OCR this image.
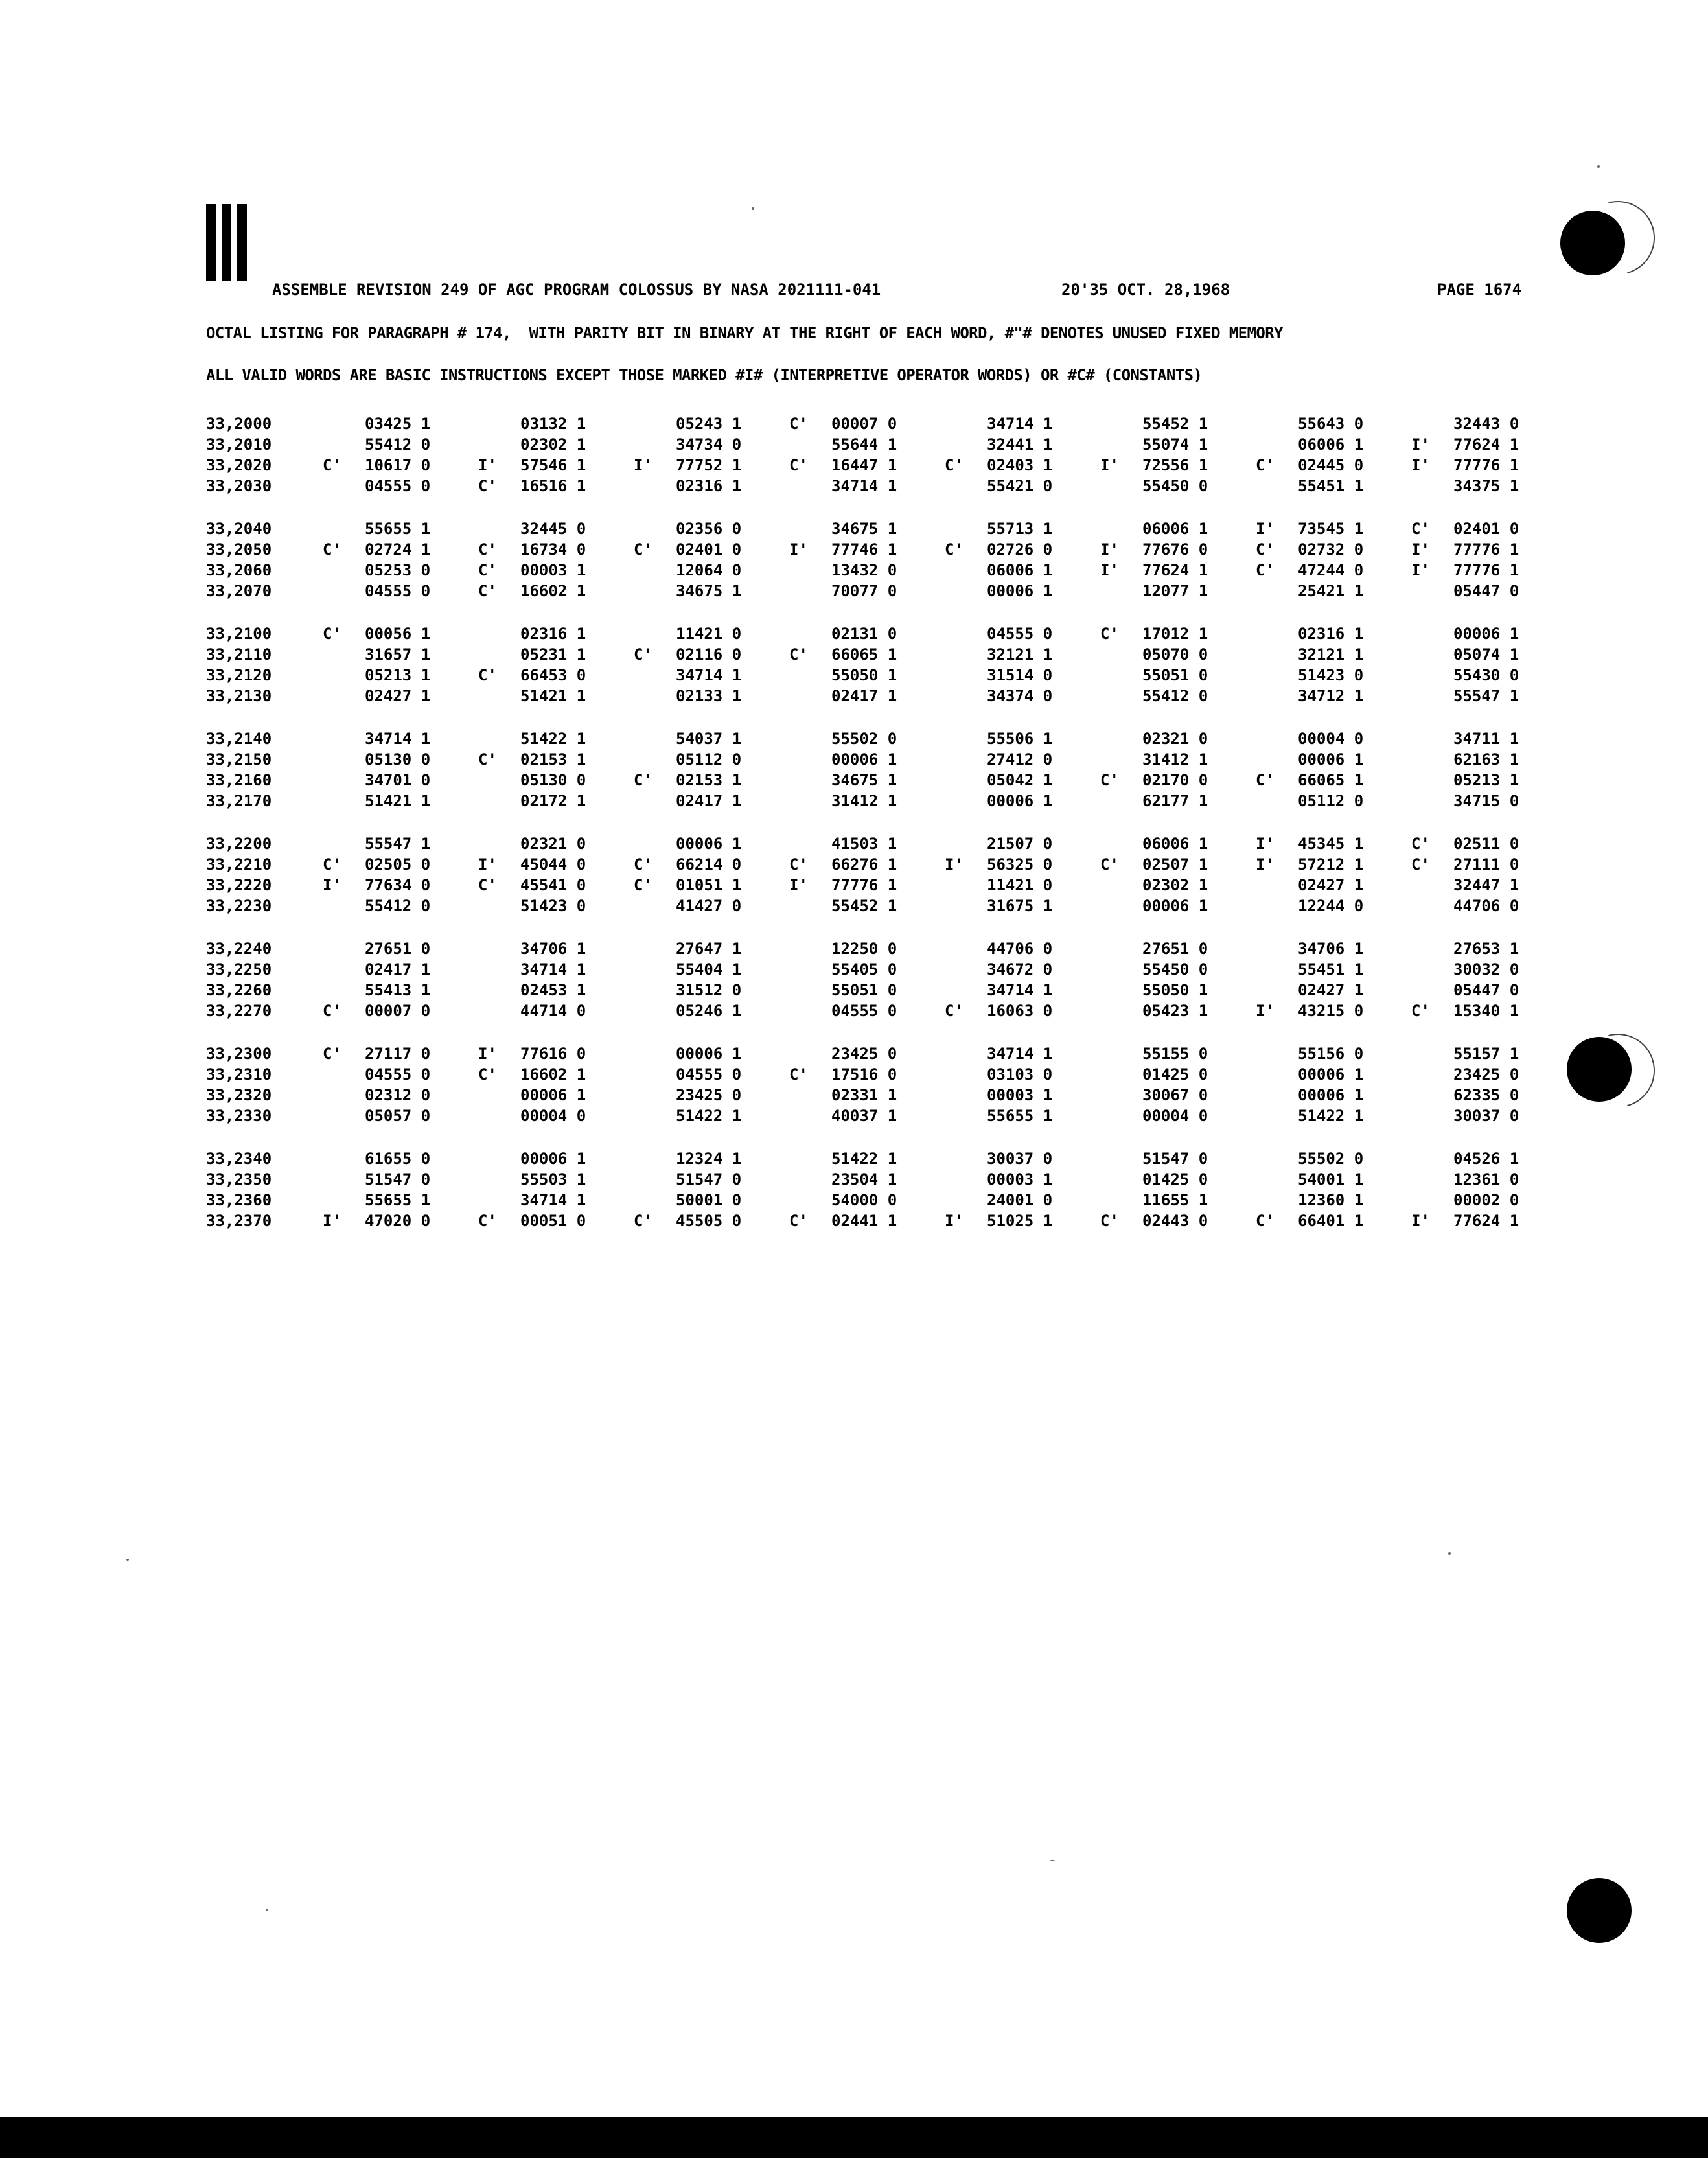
ASSEMBLE REVISION 249 OF AGC PROGRAM COLOSSUS BY NASA 2021111-041	20'35 OCT. 28,1968	PAGE 1674
OCTAL LISTING FOR PARAGRAPH # 174,  WITH PARITY BIT IN BINARY AT THE RIGHT OF EACH WORD, #"# DENOTES UNUSED FIXED MEMORY
ALL VALID WORDS ARE BASIC INSTRUCTIONS EXCEPT THOSE MARKED #I# (INTERPRETIVE OPERATOR WORDS) OR #C# (CONSTANTS)
33,2000	03425 1	03132 1	05243 1	C' 00007 0	34714 1	55452 1	55643 0	32443 0
33,2010	55412 0	02302 1	34734 0	55644 1	32441 1	55074 1	06006 1	I' 77624 1
33,2020	C' 10617 0	I' 57546 1	I' 77752 1	C' 16447 1	C' 02403 1	I' 72556 1	C' 02445 0	I' 77776 1
33,2030	04555 0	C' 16516 1	02316 1	34714 1	55421 0	55450 0	55451 1	34375 1
33,2040	55655 1	32445 0	02356 0	34675 1	55713 1	06006 1	I' 73545 1	C' 02401 0
33,2050	C' 02724 1	C' 16734 0	C' 02401 0	I' 77746 1	C' 02726 0	I' 77676 0	C' 02732 0	I' 77776 1
33,2060	05253 0	C' 00003 1	12064 0	13432 0	06006 1	I' 77624 1	C' 47244 0	I' 77776 1
33,2070	04555 0	C' 16602 1	34675 1	70077 0	00006 1	12077 1	25421 1	05447 0
33,2100	C' 00056 1	02316 1	11421 0	02131 0	04555 0	C' 17012 1	02316 1	00006 1
33,2110	31657 1	05231 1	C' 02116 0	C' 66065 1	32121 1	05070 0	32121 1	05074 1
33,2120	05213 1	C' 66453 0	34714 1	55050 1	31514 0	55051 0	51423 0	55430 0
33,2130	02427 1	51421 1	02133 1	02417 1	34374 0	55412 0	34712 1	55547 1
33,2140	34714 1	51422 1	54037 1	55502 0	55506 1	02321 0	00004 0	34711 1
33,2150	05130 0	C' 02153 1	05112 0	00006 1	27412 0	31412 1	00006 1	62163 1
33,2160	34701 0	05130 0	C' 02153 1	34675 1	05042 1	C' 02170 0	C' 66065 1	05213 1
33,2170	51421 1	02172 1	02417 1	31412 1	00006 1	62177 1	05112 0	34715 0
33,2200	55547 1	02321 0	00006 1	41503 1	21507 0	06006 1	I' 45345 1	C' 02511 0
33,2210	C' 02505 0	I' 45044 0	C' 66214 0	C' 66276 1	I' 56325 0	C' 02507 1	I' 57212 1	C' 27111 0
33,2220	I' 77634 0	C' 45541 0	C' 01051 1	I' 77776 1	11421 0	02302 1	02427 1	32447 1
33,2230	55412 0	51423 0	41427 0	55452 1	31675 1	00006 1	12244 0	44706 0
33,2240	27651 0	34706 1	27647 1	12250 0	44706 0	27651 0	34706 1	27653 1
33,2250	02417 1	34714 1	55404 1	55405 0	34672 0	55450 0	55451 1	30032 0
33,2260	55413 1	02453 1	31512 0	55051 0	34714 1	55050 1	02427 1	05447 0
33,2270	C' 00007 0	44714 0	05246 1	04555 0	C' 16063 0	05423 1	I' 43215 0	C' 15340 1
33,2300	C' 27117 0	I' 77616 0	00006 1	23425 0	34714 1	55155 0	55156 0	55157 1
33,2310	04555 0	C' 16602 1	04555 0	C' 17516 0	03103 0	01425 0	00006 1	23425 0
33,2320	02312 0	00006 1	23425 0	02331 1	00003 1	30067 0	00006 1	62335 0
33,2330	05057 0	00004 0	51422 1	40037 1	55655 1	00004 0	51422 1	30037 0
33,2340	61655 0	00006 1	12324 1	51422 1	30037 0	51547 0	55502 0	04526 1
33,2350	51547 0	55503 1	51547 0	23504 1	00003 1	01425 0	54001 1	12361 0
33,2360	55655 1	34714 1	50001 0	54000 0	24001 0	11655 1	12360 1	00002 0
33,2370	I' 47020 0	C' 00051 0	C' 45505 0	C' 02441 1	I' 51025 1	C' 02443 0	C' 66401 1	I' 77624 1
